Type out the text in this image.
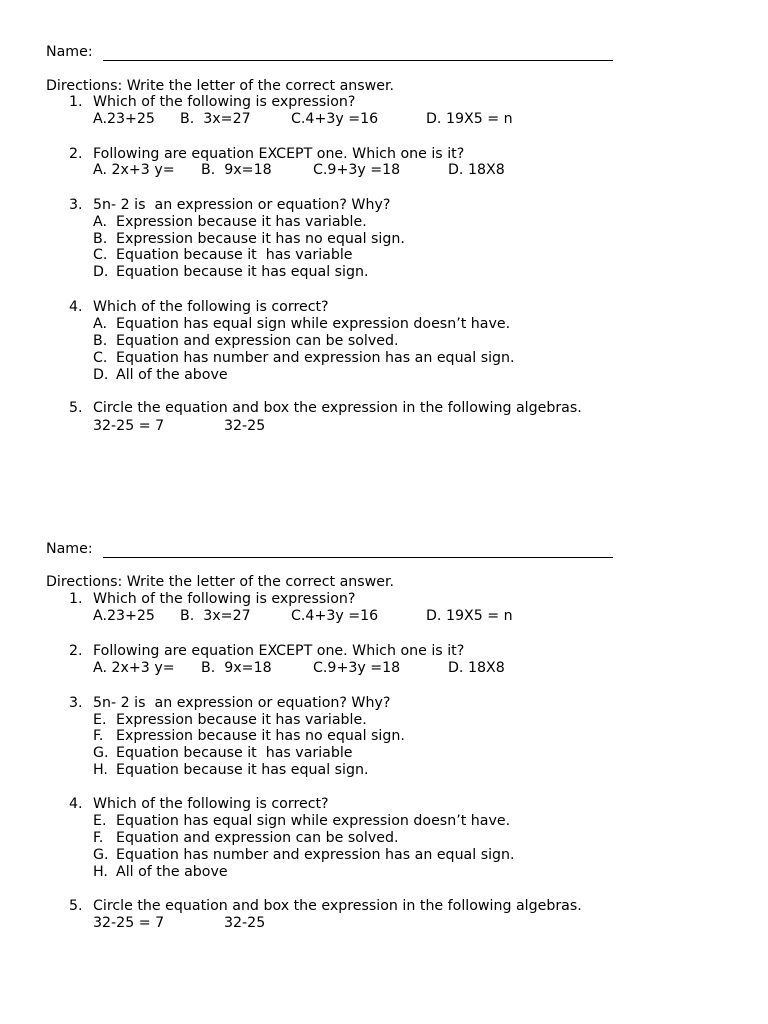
Name:
Directions: Write the letter of the correct answer.
1. Which of the following is expression?
A.23+25 B.  3x=27	C.4+3y =16	D. 19X5 = n
2. Following are equation EXCEPT one. Which one is it?
A. 2x+3 y= B.  9x=18	C.9+3y =18	D. 18X8
3. 5n- 2 is  an expression or equation? Why?
A. Expression because it has variable.
B. Expression because it has no equal sign.
C. Equation because it  has variable
D. Equation because it has equal sign.
4. Which of the following is correct?
A. Equation has equal sign while expression doesn’t have.
B. Equation and expression can be solved.
C. Equation has number and expression has an equal sign.
D. All of the above
5. Circle the equation and box the expression in the following algebras.
32-25 = 7	32-25
Name:
Directions: Write the letter of the correct answer.
1. Which of the following is expression?
A.23+25 B.  3x=27	C.4+3y =16	D. 19X5 = n
2. Following are equation EXCEPT one. Which one is it?
A. 2x+3 y= B.  9x=18	C.9+3y =18	D. 18X8
3. 5n- 2 is  an expression or equation? Why?
E. Expression because it has variable.
F. Expression because it has no equal sign.
G. Equation because it  has variable
H. Equation because it has equal sign.
4. Which of the following is correct?
E. Equation has equal sign while expression doesn’t have.
F. Equation and expression can be solved.
G. Equation has number and expression has an equal sign.
H. All of the above
5. Circle the equation and box the expression in the following algebras.
32-25 = 7	32-25
